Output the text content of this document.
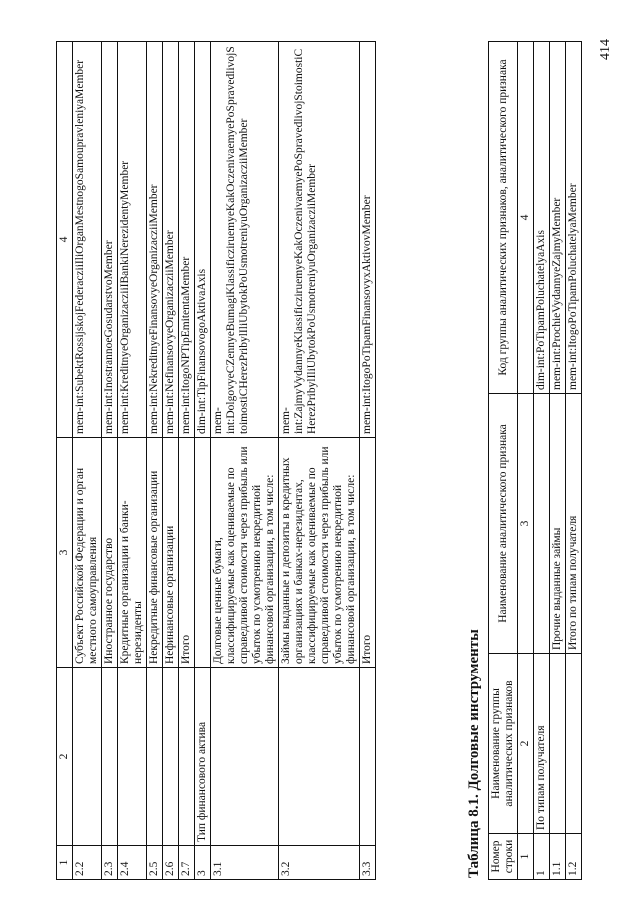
1	2	3	4
2.2		Субъект Российской Федерации и орган местного самоуправления	mem-int:SubektRossijskojFederacziiIliOrganMestnogoSamoupravleniyaMember
2.3		Иностранное государство	mem-int:InostrannoeGosudarstvoMember
2.4		Кредитные организации и банки-нерезиденты	mem-int:KreditnyeOrganizacziiIBankiNerezidentyMember
2.5		Некредитные финансовые организации	mem-int:NekreditnyeFinansovyeOrganizacziiMember
2.6		Нефинансовые организации	mem-int:NefinansovyeOrganizacziiMember
2.7		Итого	mem-int:ItogoNPTipEmitentaMember
3	Тип финансового актива		dim-int:TipFinansovogoAktivaAxis
3.1		Долговые ценные бумаги, классифицируемые как оцениваемые по справедливой стоимости через прибыль или убыток по усмотрению некредитной финансовой организации, в том числе:	mem-int:DolgovyeCZennyeBumagiKlassificziruemyeKakOczenivaemyePoSpravedlivojStoimostiCHerezPribylIliUbytokPoUsmotreniyuOrganizacziiMember
3.2		Займы выданные и депозиты в кредитных организациях и банках-нерезидентах, классифицируемые как оцениваемые по справедливой стоимости через прибыль или убыток по усмотрению некредитной финансовой организации, в том числе:	mem-int:ZajmyVydannyeKlassificziruemyeKakOczenivaemyePoSpravedlivojStoimostiCHerezPribylIliUbytokPoUsmotreniyuOrganizacziiMember
3.3		Итого	mem-int:ItogoPoTipamFinansovyxAktivovMember
Таблица 8.1. Долговые инструменты Номер строки	Наименование группы аналитических признаков	Наименование аналитического признака	Код группы аналитических признаков, аналитического признака
1	2	3	4
1	По типам получателя		dim-int:PoTipamPoluchatelyaAxis
1.1		Прочие выданные займы	mem-int:ProchieVydannyeZajmyMember
1.2		Итого по типам получателя	mem-int:ItogoPoTipamPoluchatelyaMember
414
